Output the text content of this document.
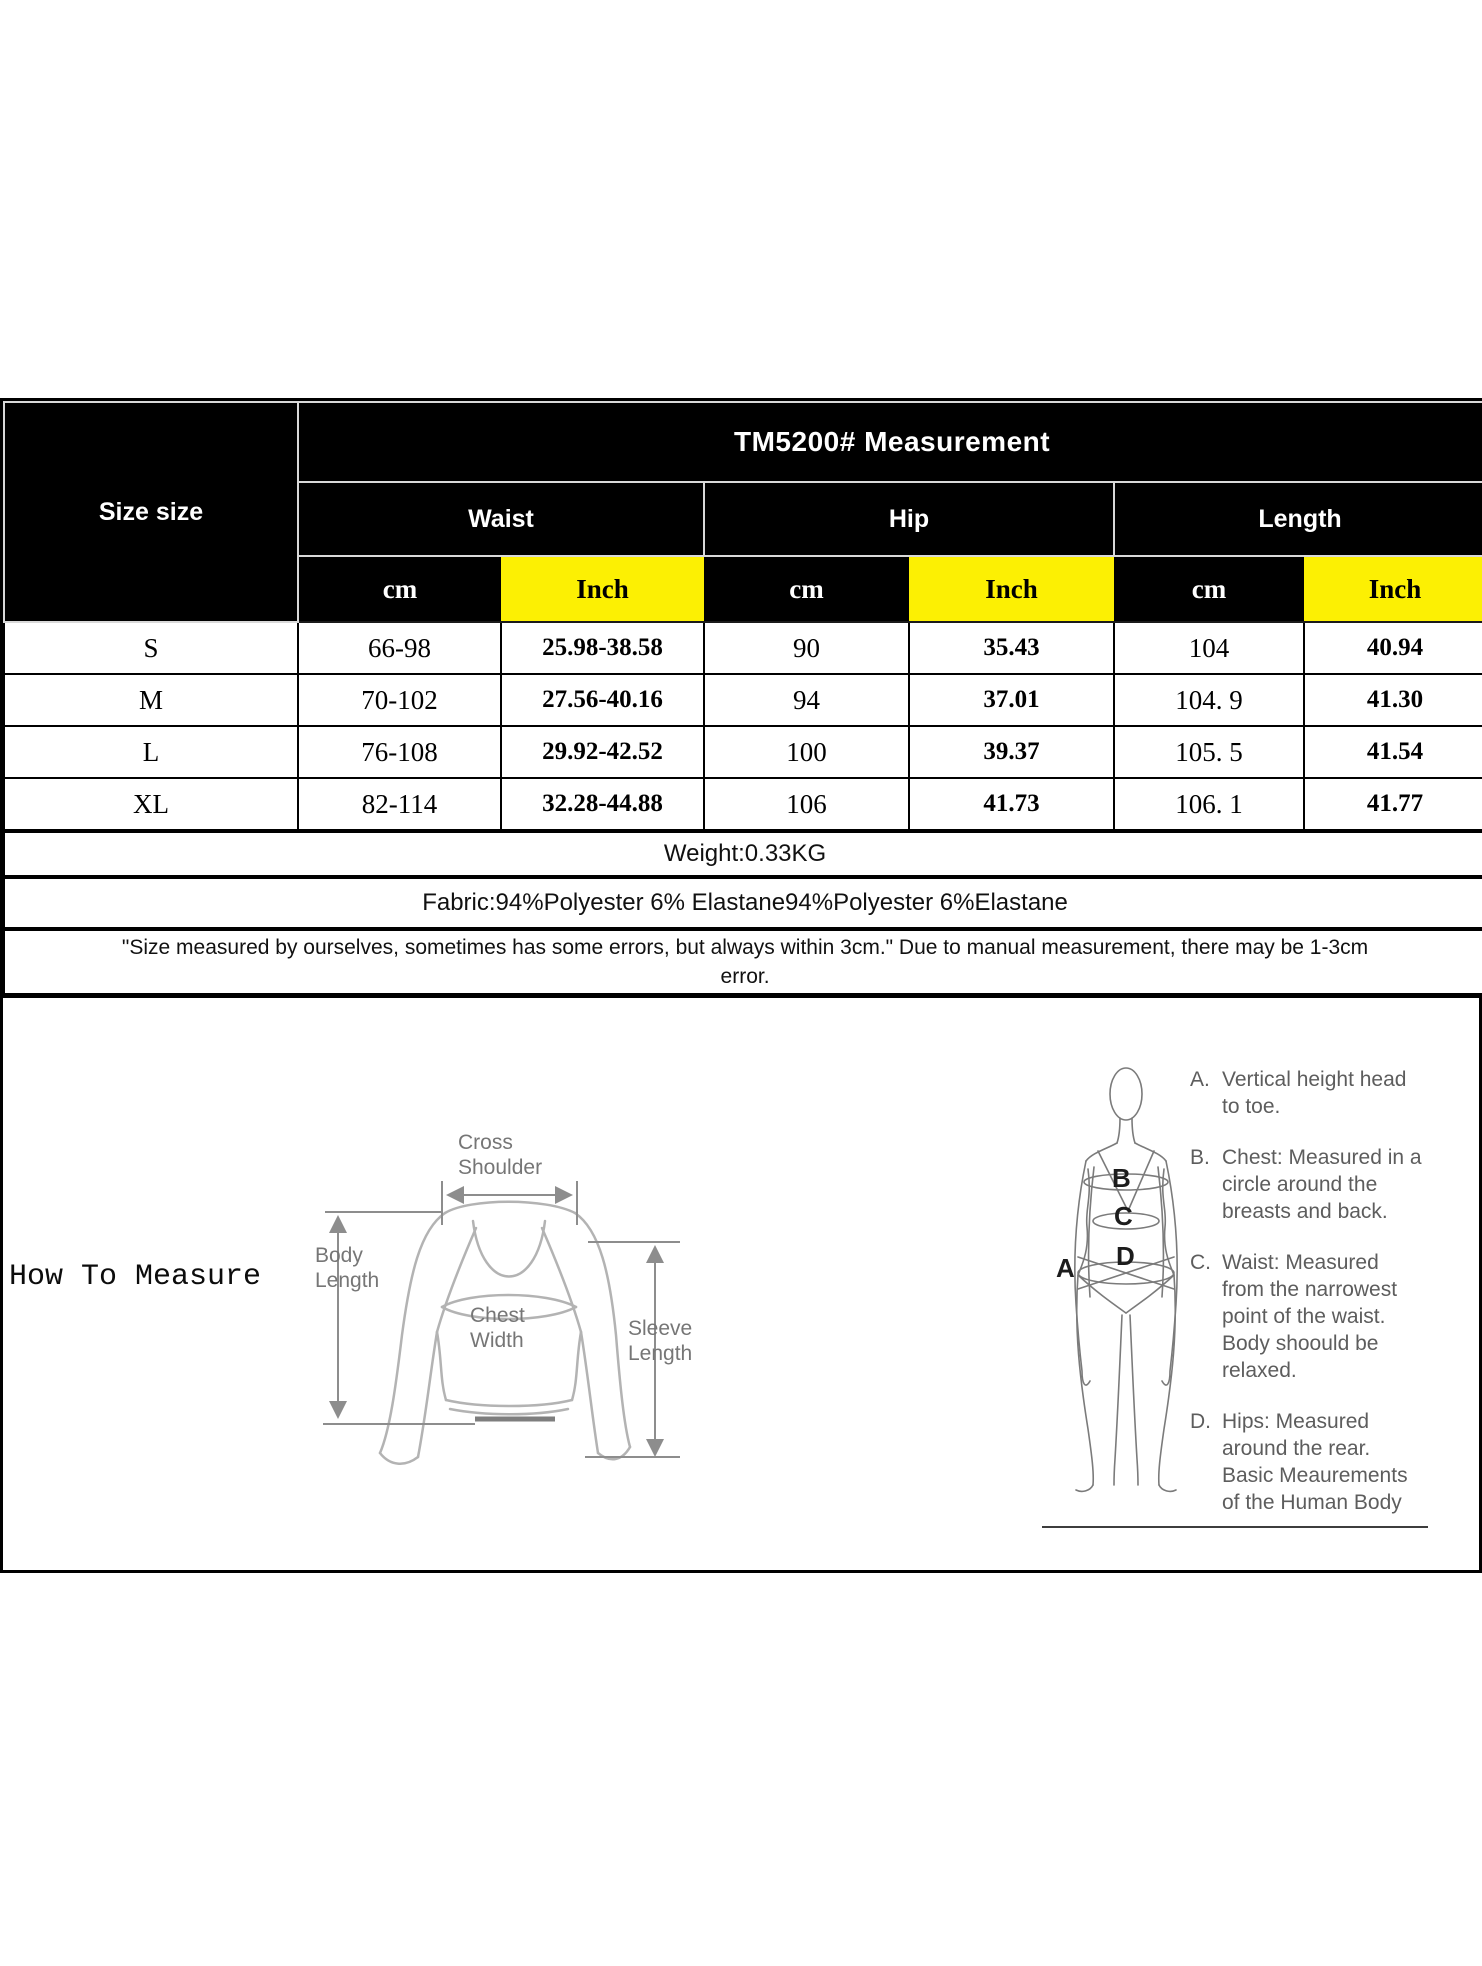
Size size	TM5200# Measurement					
	Waist		Hip		Length	
	cm	Inch	cm	Inch	cm	Inch
S	66-98	25.98-38.58	90	35.43	104	40.94
M	70-102	27.56-40.16	94	37.01	104. 9	41.30
L	76-108	29.92-42.52	100	39.37	105. 5	41.54
XL	82-114	32.28-44.88	106	41.73	106. 1	41.77
Weight:0.33KG						
Fabric:94%Polyester 6% Elastane94%Polyester 6%Elastane						

"Size measured by ourselves, sometimes has some errors, but always within 3cm." Due to manual measurement, there may be 1-3cm
error.						
How To Measure
Cross Shoulder
Body Length
Chest Width
Sleeve Length
A
B
C
D
A. Vertical height head
to toe.
B. Chest: Measured in a
circle around the
breasts and back.
C. Waist: Measured
from the narrowest
point of the waist.
Body shoould be
relaxed.
D. Hips: Measured
around the rear.
Basic Meaurements
of the Human Body
